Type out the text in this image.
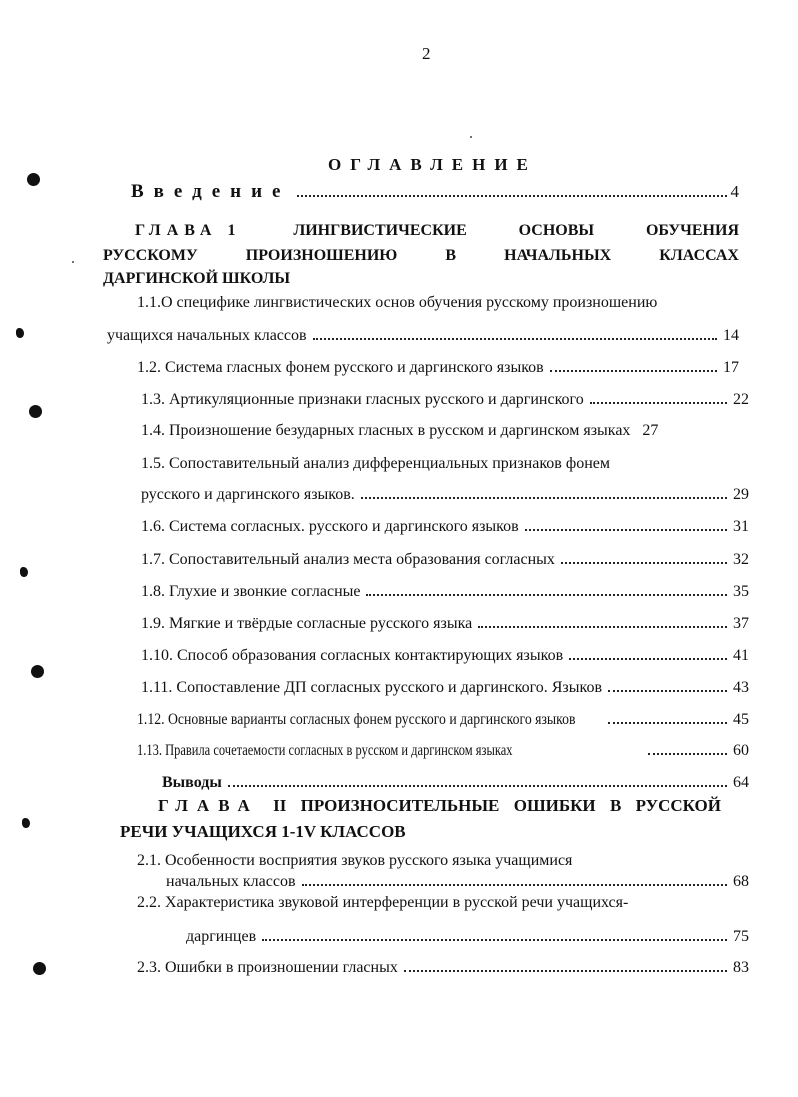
2
ОГЛАВЛЕНИЕ
Введение	4
ГЛАВА 1	ЛИНГВИСТИЧЕСКИЕ	ОСНОВЫ	ОБУЧЕНИЯ
РУССКОМУ	ПРОИЗНОШЕНИЮ	В	НАЧАЛЬНЫХ	КЛАССАХ
ДАРГИНСКОЙ ШКОЛЫ
1.1.О специфике лингвистических основ обучения русскому произношению
учащихся начальных классов	14
1.2. Система гласных фонем русского и даргинского языков	17
1.3. Артикуляционные признаки гласных русского и даргинского	22
1.4. Произношение безударных гласных в русском и даргинском языках 27
1.5. Сопоставительный анализ дифференциальных признаков фонем
русского и даргинского языков.	29
1.6. Система согласных. русского и даргинского языков	31
1.7. Сопоставительный анализ места образования согласных	32
1.8. Глухие и звонкие согласные	35
1.9. Мягкие и твёрдые согласные русского языка	37
1.10. Способ образования согласных контактирующих языков	41
1.11. Сопоставление ДП согласных русского и даргинского. Языков	43
1.12. Основные варианты согласных фонем русского и даргинского языков	45
1.13. Правила сочетаемости согласных в русском и даргинском языках	60
Выводы	64
ГЛАВА II ПРОИЗНОСИТЕЛЬНЫЕ ОШИБКИ В РУССКОЙ
РЕЧИ УЧАЩИХСЯ 1-1V КЛАССОВ
2.1. Особенности восприятия звуков русского языка учащимися
начальных классов	68
2.2. Характеристика звуковой интерференции в русской речи учащихся-
даргинцев	75
2.3. Ошибки в произношении гласных	83
